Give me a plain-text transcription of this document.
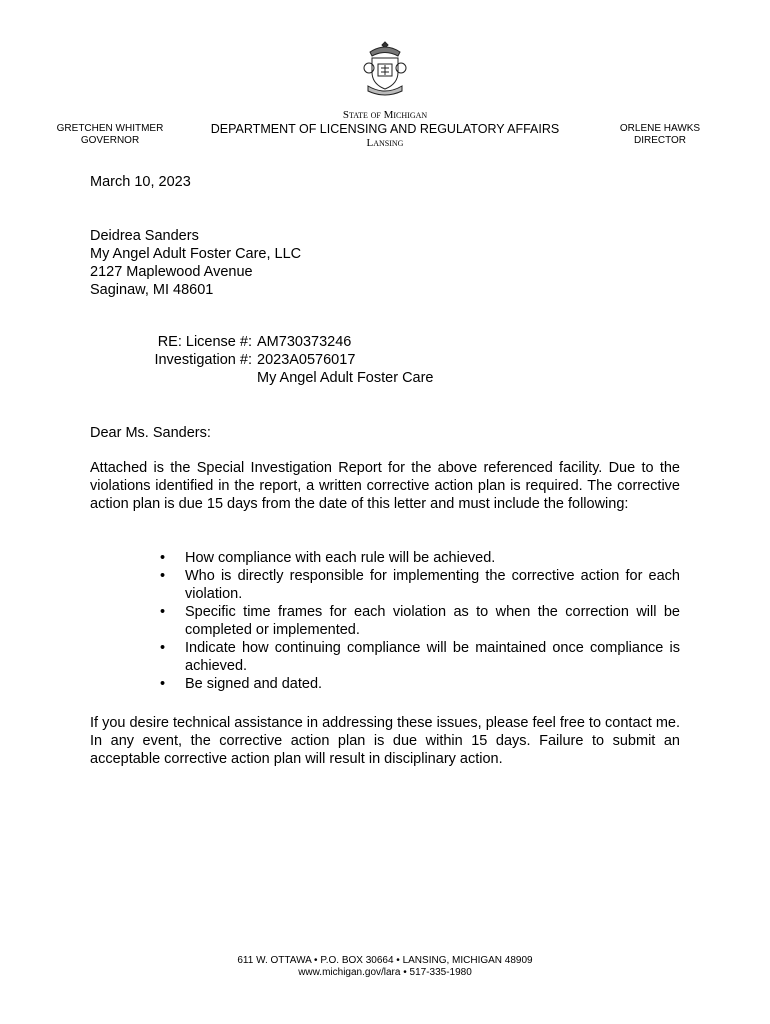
GRETCHEN WHITMER
GOVERNOR
State of Michigan
DEPARTMENT OF LICENSING AND REGULATORY AFFAIRS
Lansing
ORLENE HAWKS
DIRECTOR
March 10, 2023
Deidrea Sanders
My Angel Adult Foster Care, LLC
2127 Maplewood Avenue
Saginaw, MI 48601
RE: License #: AM730373246
Investigation #: 2023A0576017
My Angel Adult Foster Care
Dear Ms. Sanders:
Attached is the Special Investigation Report for the above referenced facility. Due to the violations identified in the report, a written corrective action plan is required. The corrective action plan is due 15 days from the date of this letter and must include the following:
• How compliance with each rule will be achieved.
• Who is directly responsible for implementing the corrective action for each violation.
• Specific time frames for each violation as to when the correction will be completed or implemented.
• Indicate how continuing compliance will be maintained once compliance is achieved.
• Be signed and dated.
If you desire technical assistance in addressing these issues, please feel free to contact me. In any event, the corrective action plan is due within 15 days. Failure to submit an acceptable corrective action plan will result in disciplinary action.
611 W. OTTAWA • P.O. BOX 30664 • LANSING, MICHIGAN 48909
www.michigan.gov/lara • 517-335-1980
